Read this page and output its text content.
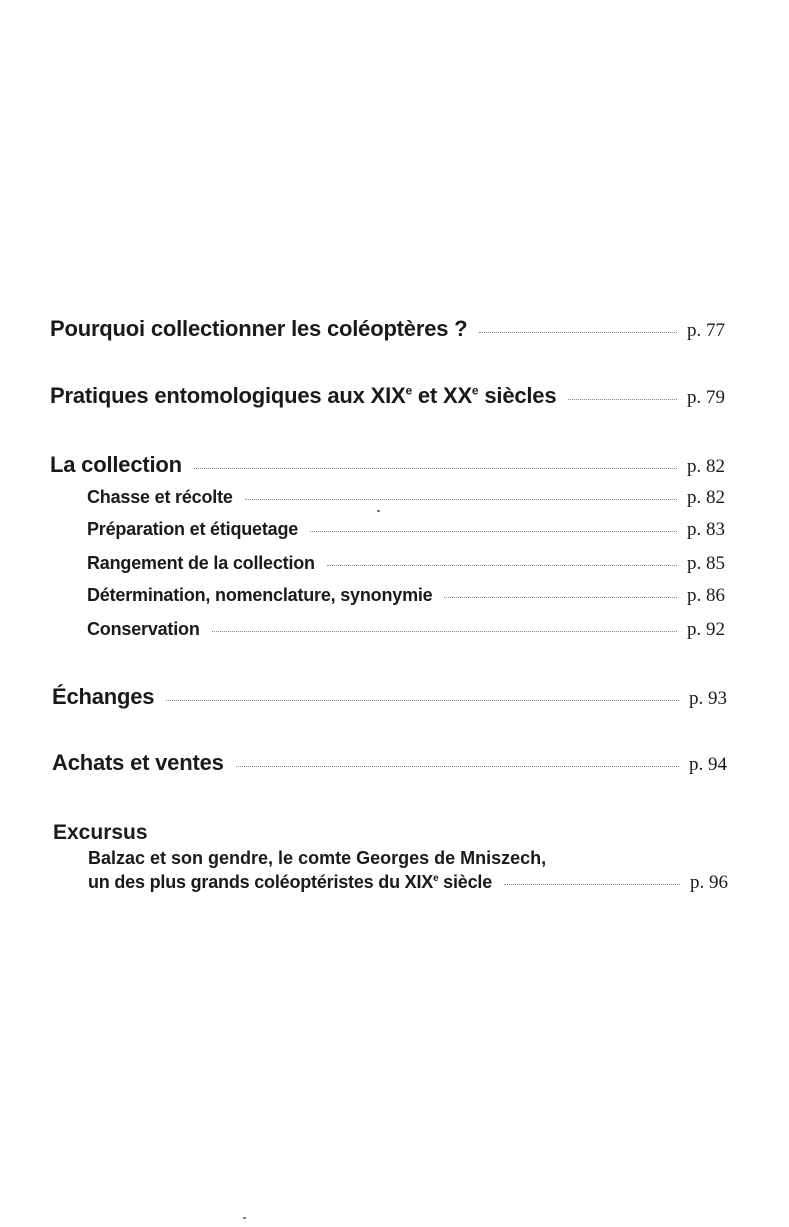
Pourquoi collectionner les coléoptères ?	p. 77
Pratiques entomologiques aux XIXe et XXe siècles	p. 79
La collection	p. 82
Chasse et récolte	p. 82
Préparation et étiquetage	p. 83
Rangement de la collection	p. 85
Détermination, nomenclature, synonymie	p. 86
Conservation	p. 92
Échanges	p. 93
Achats et ventes	p. 94
Excursus
Balzac et son gendre, le comte Georges de Mniszech,
un des plus grands coléoptéristes du XIXe siècle	p. 96
